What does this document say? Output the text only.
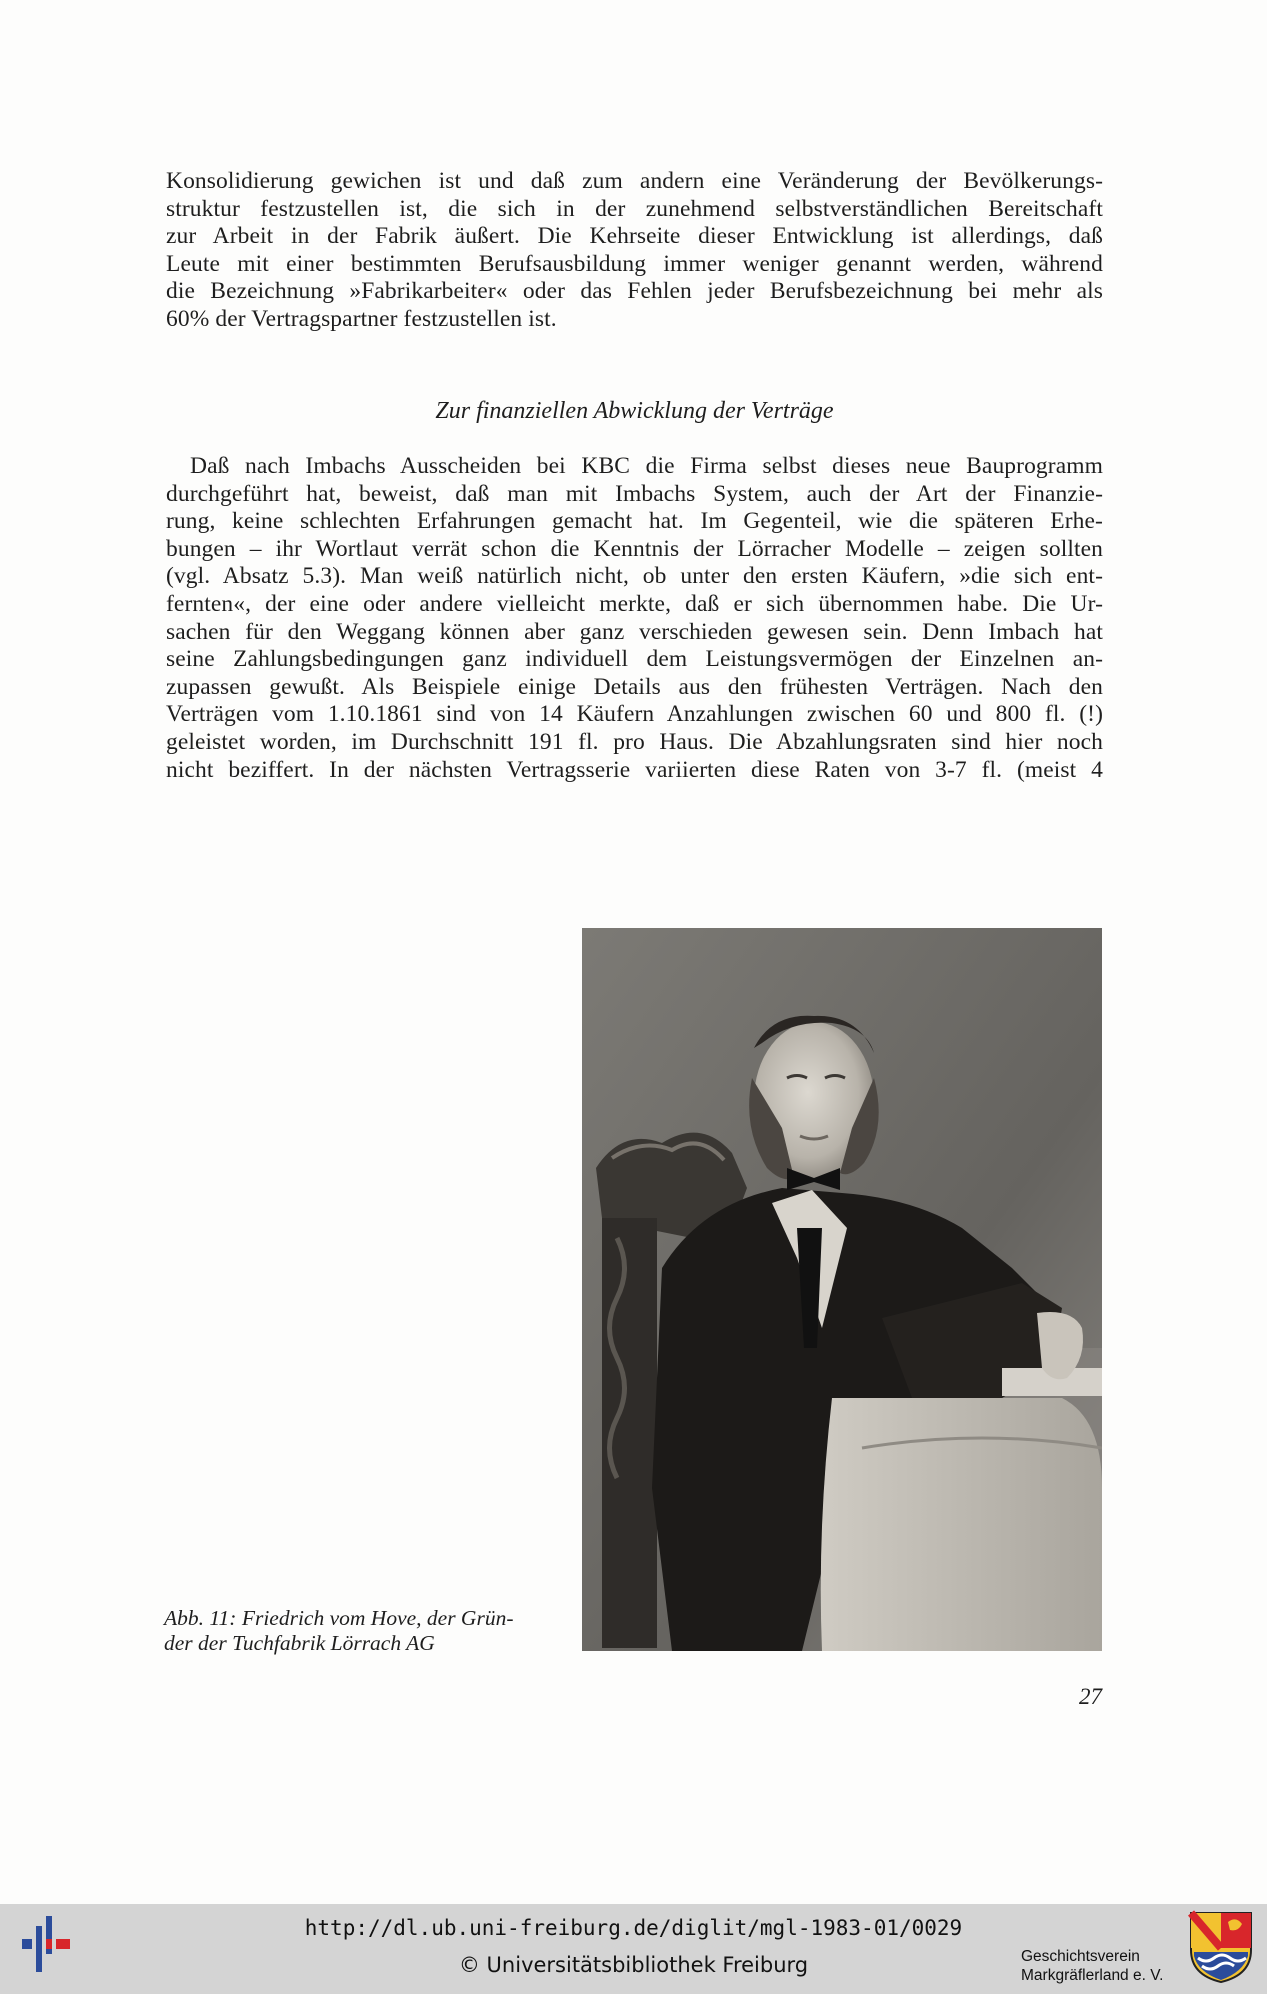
Konsolidierung gewichen ist und daß zum andern eine Veränderung der Bevölkerungs-
struktur festzustellen ist, die sich in der zunehmend selbstverständlichen Bereitschaft
zur Arbeit in der Fabrik äußert. Die Kehrseite dieser Entwicklung ist allerdings, daß
Leute mit einer bestimmten Berufsausbildung immer weniger genannt werden, während
die Bezeichnung »Fabrikarbeiter« oder das Fehlen jeder Berufsbezeichnung bei mehr als
60% der Vertragspartner festzustellen ist.
Zur finanziellen Abwicklung der Verträge
Daß nach Imbachs Ausscheiden bei KBC die Firma selbst dieses neue Bauprogramm
durchgeführt hat, beweist, daß man mit Imbachs System, auch der Art der Finanzie-
rung, keine schlechten Erfahrungen gemacht hat. Im Gegenteil, wie die späteren Erhe-
bungen – ihr Wortlaut verrät schon die Kenntnis der Lörracher Modelle – zeigen sollten
(vgl. Absatz 5.3). Man weiß natürlich nicht, ob unter den ersten Käufern, »die sich ent-
fernten«, der eine oder andere vielleicht merkte, daß er sich übernommen habe. Die Ur-
sachen für den Weggang können aber ganz verschieden gewesen sein. Denn Imbach hat
seine Zahlungsbedingungen ganz individuell dem Leistungsvermögen der Einzelnen an-
zupassen gewußt. Als Beispiele einige Details aus den frühesten Verträgen. Nach den
Verträgen vom 1.10.1861 sind von 14 Käufern Anzahlungen zwischen 60 und 800 fl. (!)
geleistet worden, im Durchschnitt 191 fl. pro Haus. Die Abzahlungsraten sind hier noch
nicht beziffert. In der nächsten Vertragsserie variierten diese Raten von 3-7 fl. (meist 4
Abb. 11: Friedrich vom Hove, der Grün-
der der Tuchfabrik Lörrach AG
27
http://dl.ub.uni-freiburg.de/diglit/mgl-1983-01/0029
© Universitätsbibliothek Freiburg	Geschichtsverein
Markgräflerland e. V.
